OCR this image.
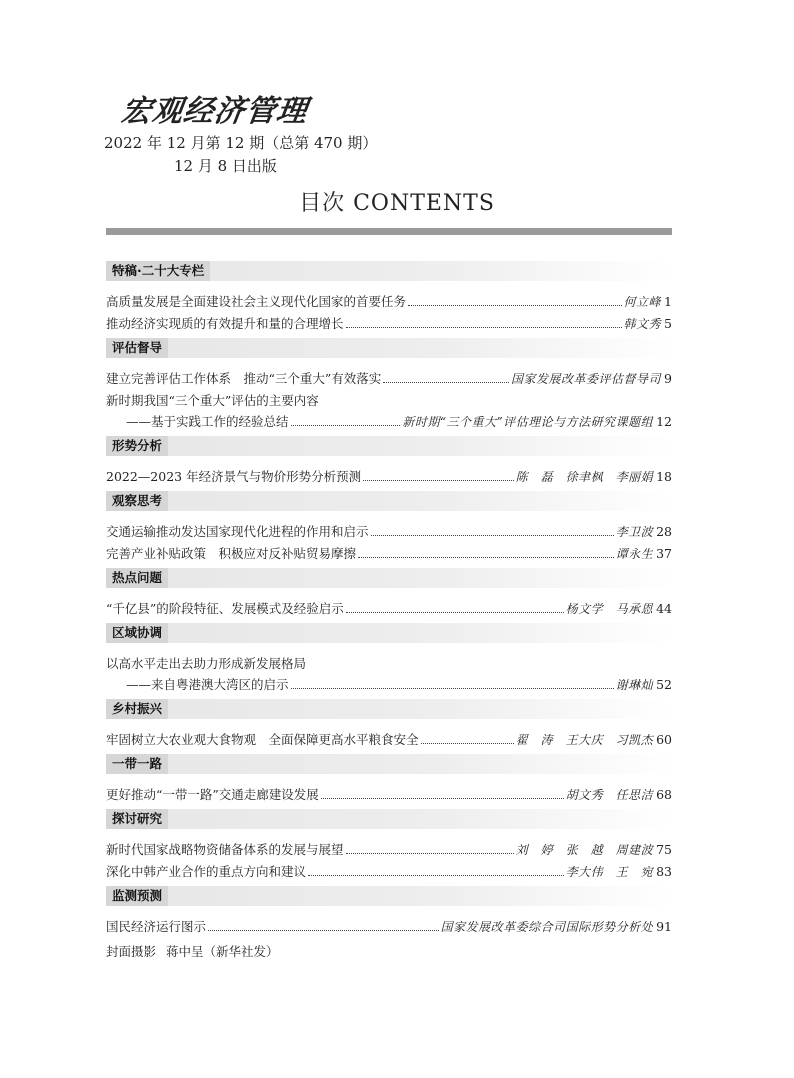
宏观经济管理
2022 年 12 月第 12 期（总第 470 期）
12 月 8 日出版
目次 CONTENTS
特稿·二十大专栏
高质量发展是全面建设社会主义现代化国家的首要任务	何立峰 1
推动经济实现质的有效提升和量的合理增长	韩文秀 5
评估督导
建立完善评估工作体系　推动“三个重大”有效落实	国家发展改革委评估督导司 9
新时期我国“三个重大”评估的主要内容
——基于实践工作的经验总结	新时期“三个重大”评估理论与方法研究课题组 12
形势分析
2022—2023 年经济景气与物价形势分析预测	陈　磊　徐聿枫　李丽娟 18
观察思考
交通运输推动发达国家现代化进程的作用和启示	李卫波 28
完善产业补贴政策　积极应对反补贴贸易摩擦	谭永生 37
热点问题
“千亿县”的阶段特征、发展模式及经验启示	杨文学　马承恩 44
区域协调
以高水平走出去助力形成新发展格局
——来自粤港澳大湾区的启示	谢琳灿 52
乡村振兴
牢固树立大农业观大食物观　全面保障更高水平粮食安全	翟　涛　王大庆　习凯杰 60
一带一路
更好推动“一带一路”交通走廊建设发展	胡文秀　任思洁 68
探讨研究
新时代国家战略物资储备体系的发展与展望	刘　婷　张　越　周建波 75
深化中韩产业合作的重点方向和建议	李大伟　王　宛 83
监测预测
国民经济运行图示	国家发展改革委综合司国际形势分析处 91
封面摄影 蒋中呈（新华社发）
